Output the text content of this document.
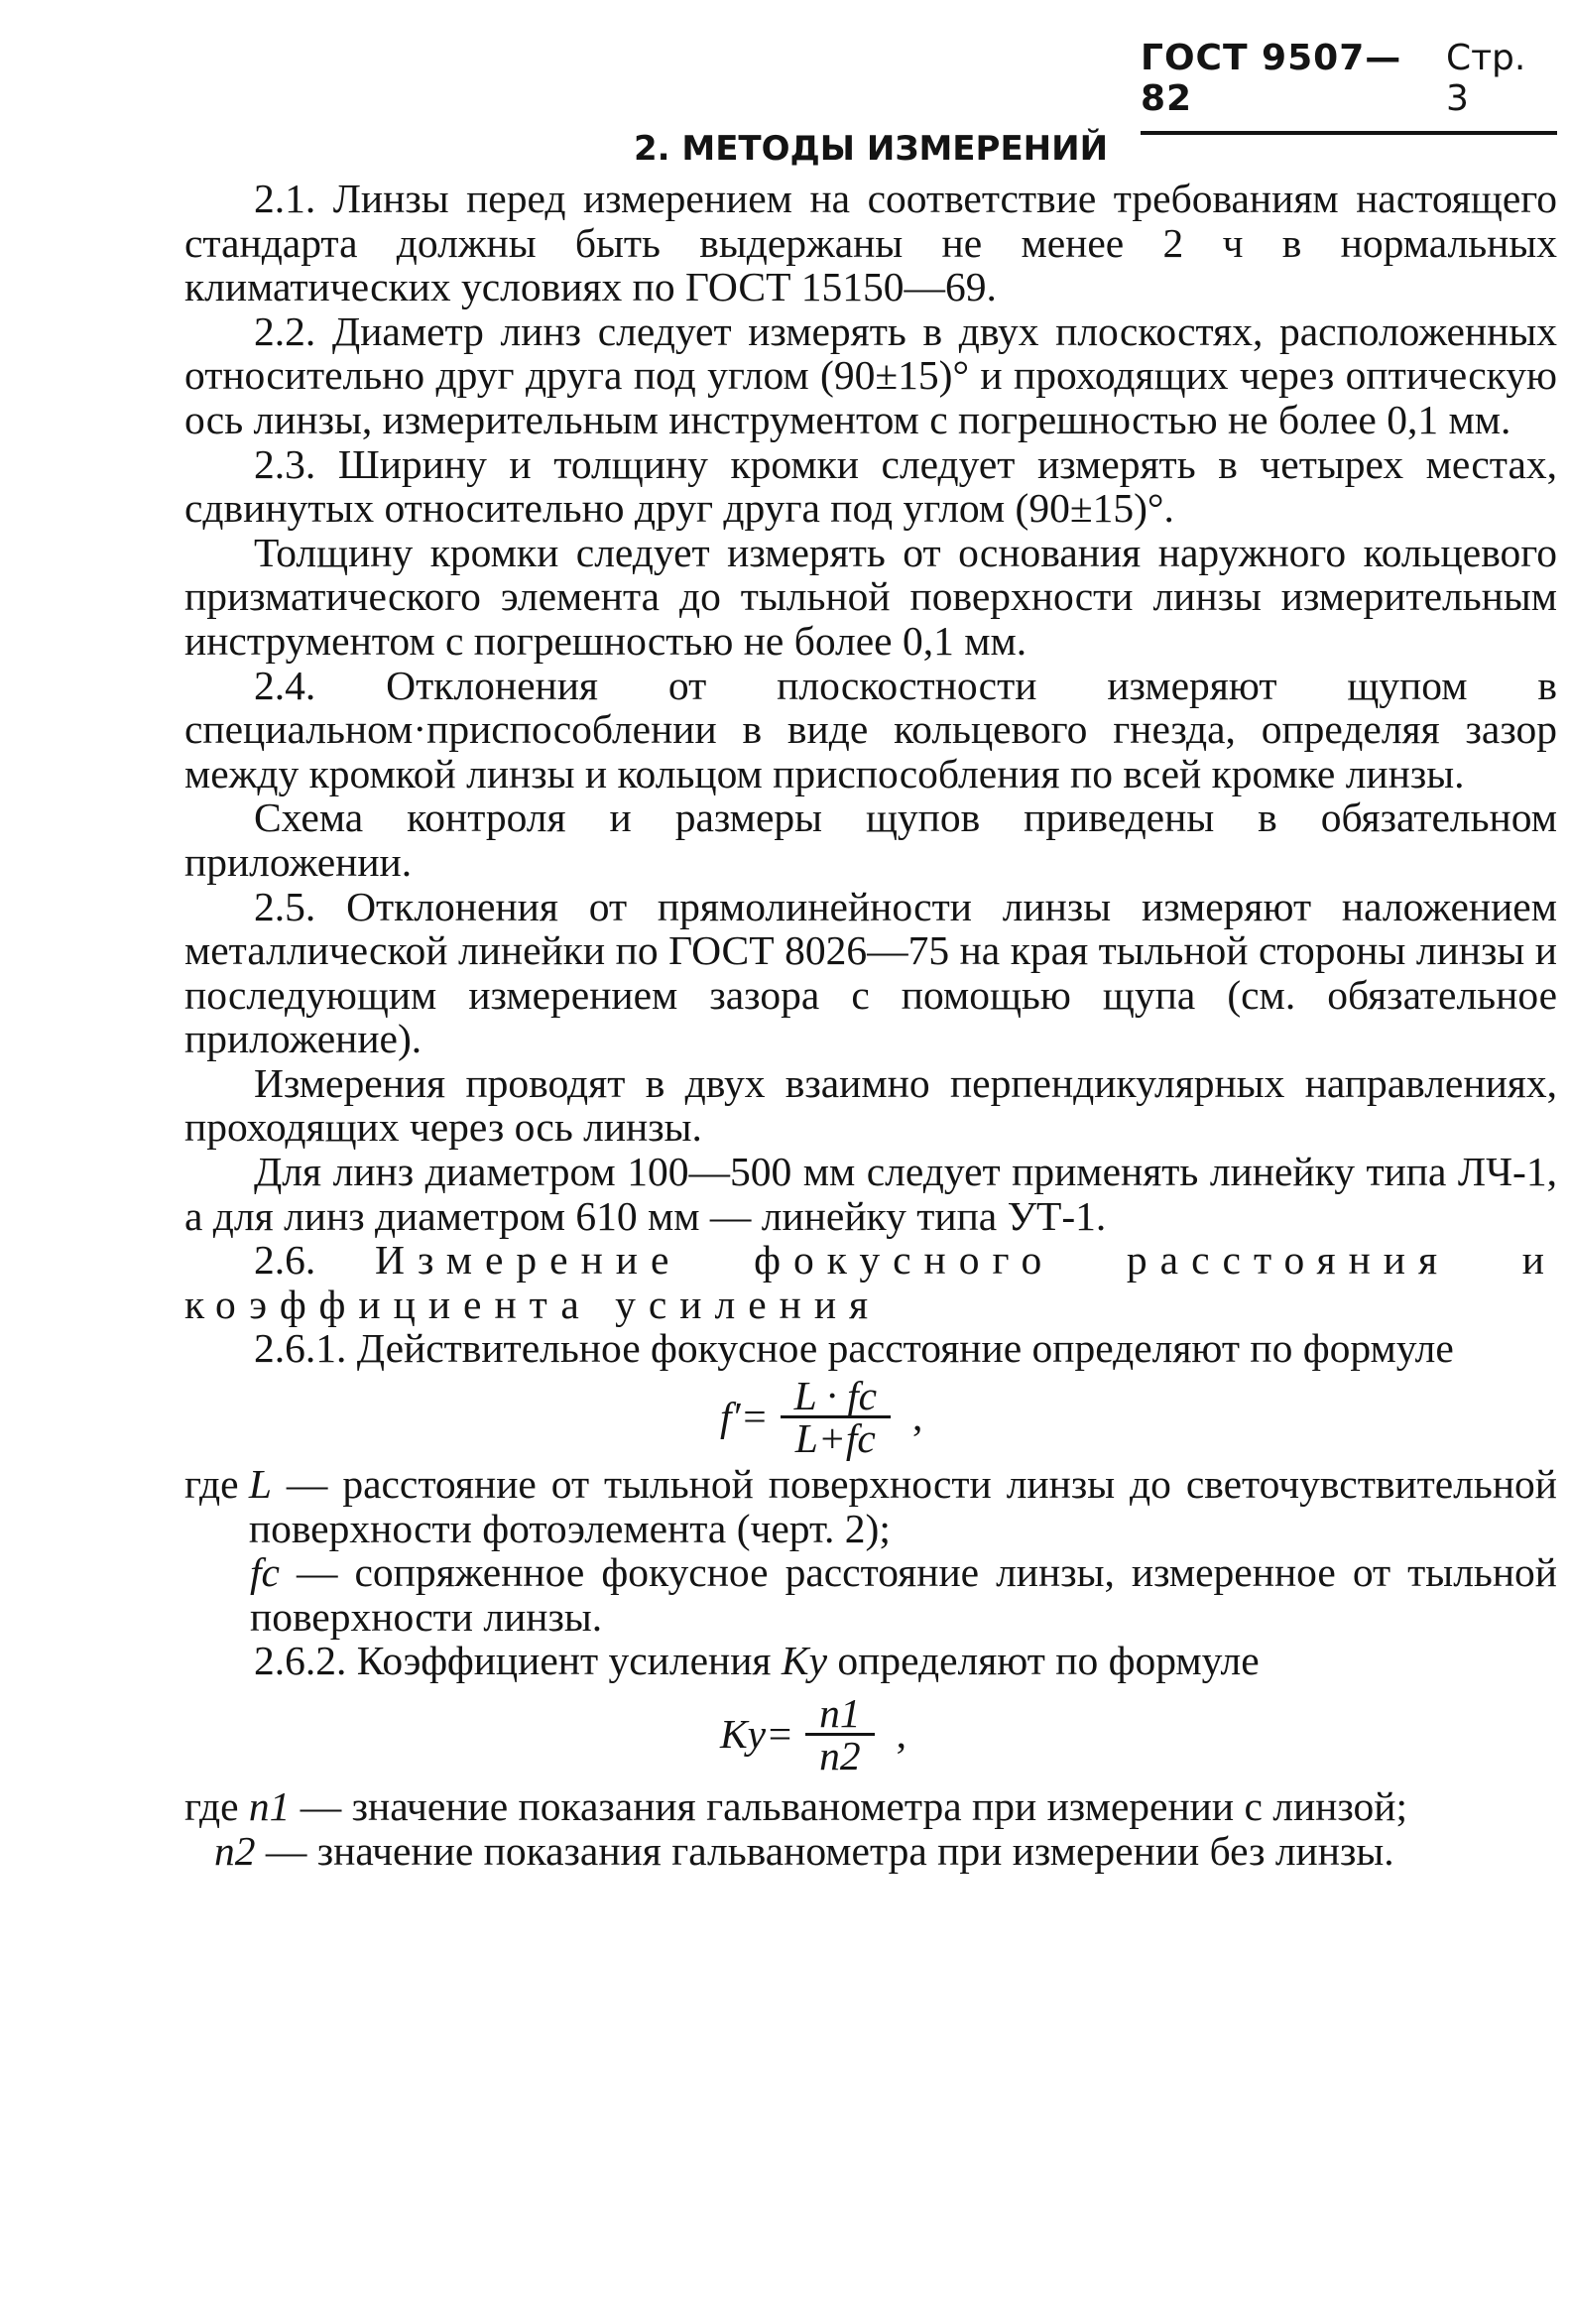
ГОСТ 9507—82
Стр. 3
2. МЕТОДЫ ИЗМЕРЕНИЙ

2.1. Линзы перед измерением на соответствие требованиям настоящего стандарта должны быть выдержаны не менее 2 ч в нормальных климатических условиях по ГОСТ 15150—69.

2.2. Диаметр линз следует измерять в двух плоскостях, расположенных относительно друг друга под углом (90±15)° и проходящих через оптическую ось линзы, измерительным инструментом с погрешностью не более 0,1 мм.

2.3. Ширину и толщину кромки следует измерять в четырех местах, сдвинутых относительно друг друга под углом (90±15)°.

Толщину кромки следует измерять от основания наружного кольцевого призматического элемента до тыльной поверхности линзы измерительным инструментом с погрешностью не более 0,1 мм.

2.4. Отклонения от плоскостности измеряют щупом в специальном·приспособлении в виде кольцевого гнезда, определяя зазор между кромкой линзы и кольцом приспособления по всей кромке линзы.

Схема контроля и размеры щупов приведены в обязательном приложении.

2.5. Отклонения от прямолинейности линзы измеряют наложением металлической линейки по ГОСТ 8026—75 на края тыльной стороны линзы и последующим измерением зазора с помощью щупа (см. обязательное приложение).

Измерения проводят в двух взаимно перпендикулярных направлениях, проходящих через ось линзы.

Для линз диаметром 100—500 мм следует применять линейку типа ЛЧ-1, а для линз диаметром 610 мм — линейку типа УТ-1.

2.6. Измерение фокусного расстояния и коэффициента усиления

2.6.1. Действительное фокусное расстояние определяют по формуле

$f'= \frac{L \cdot fc}{L+fc}$ ,
где L — расстояние от тыльной поверхности линзы до светочувствительной поверхности фотоэлемента (черт. 2);
fc — сопряженное фокусное расстояние линзы, измеренное от тыльной поверхности линзы.

2.6.2. Коэффициент усиления Kу определяют по формуле

$Kу= \frac{n1}{n2}$ ,
где n1 — значение показания гальванометра при измерении с линзой;
n2 — значение показания гальванометра при измерении без линзы.
